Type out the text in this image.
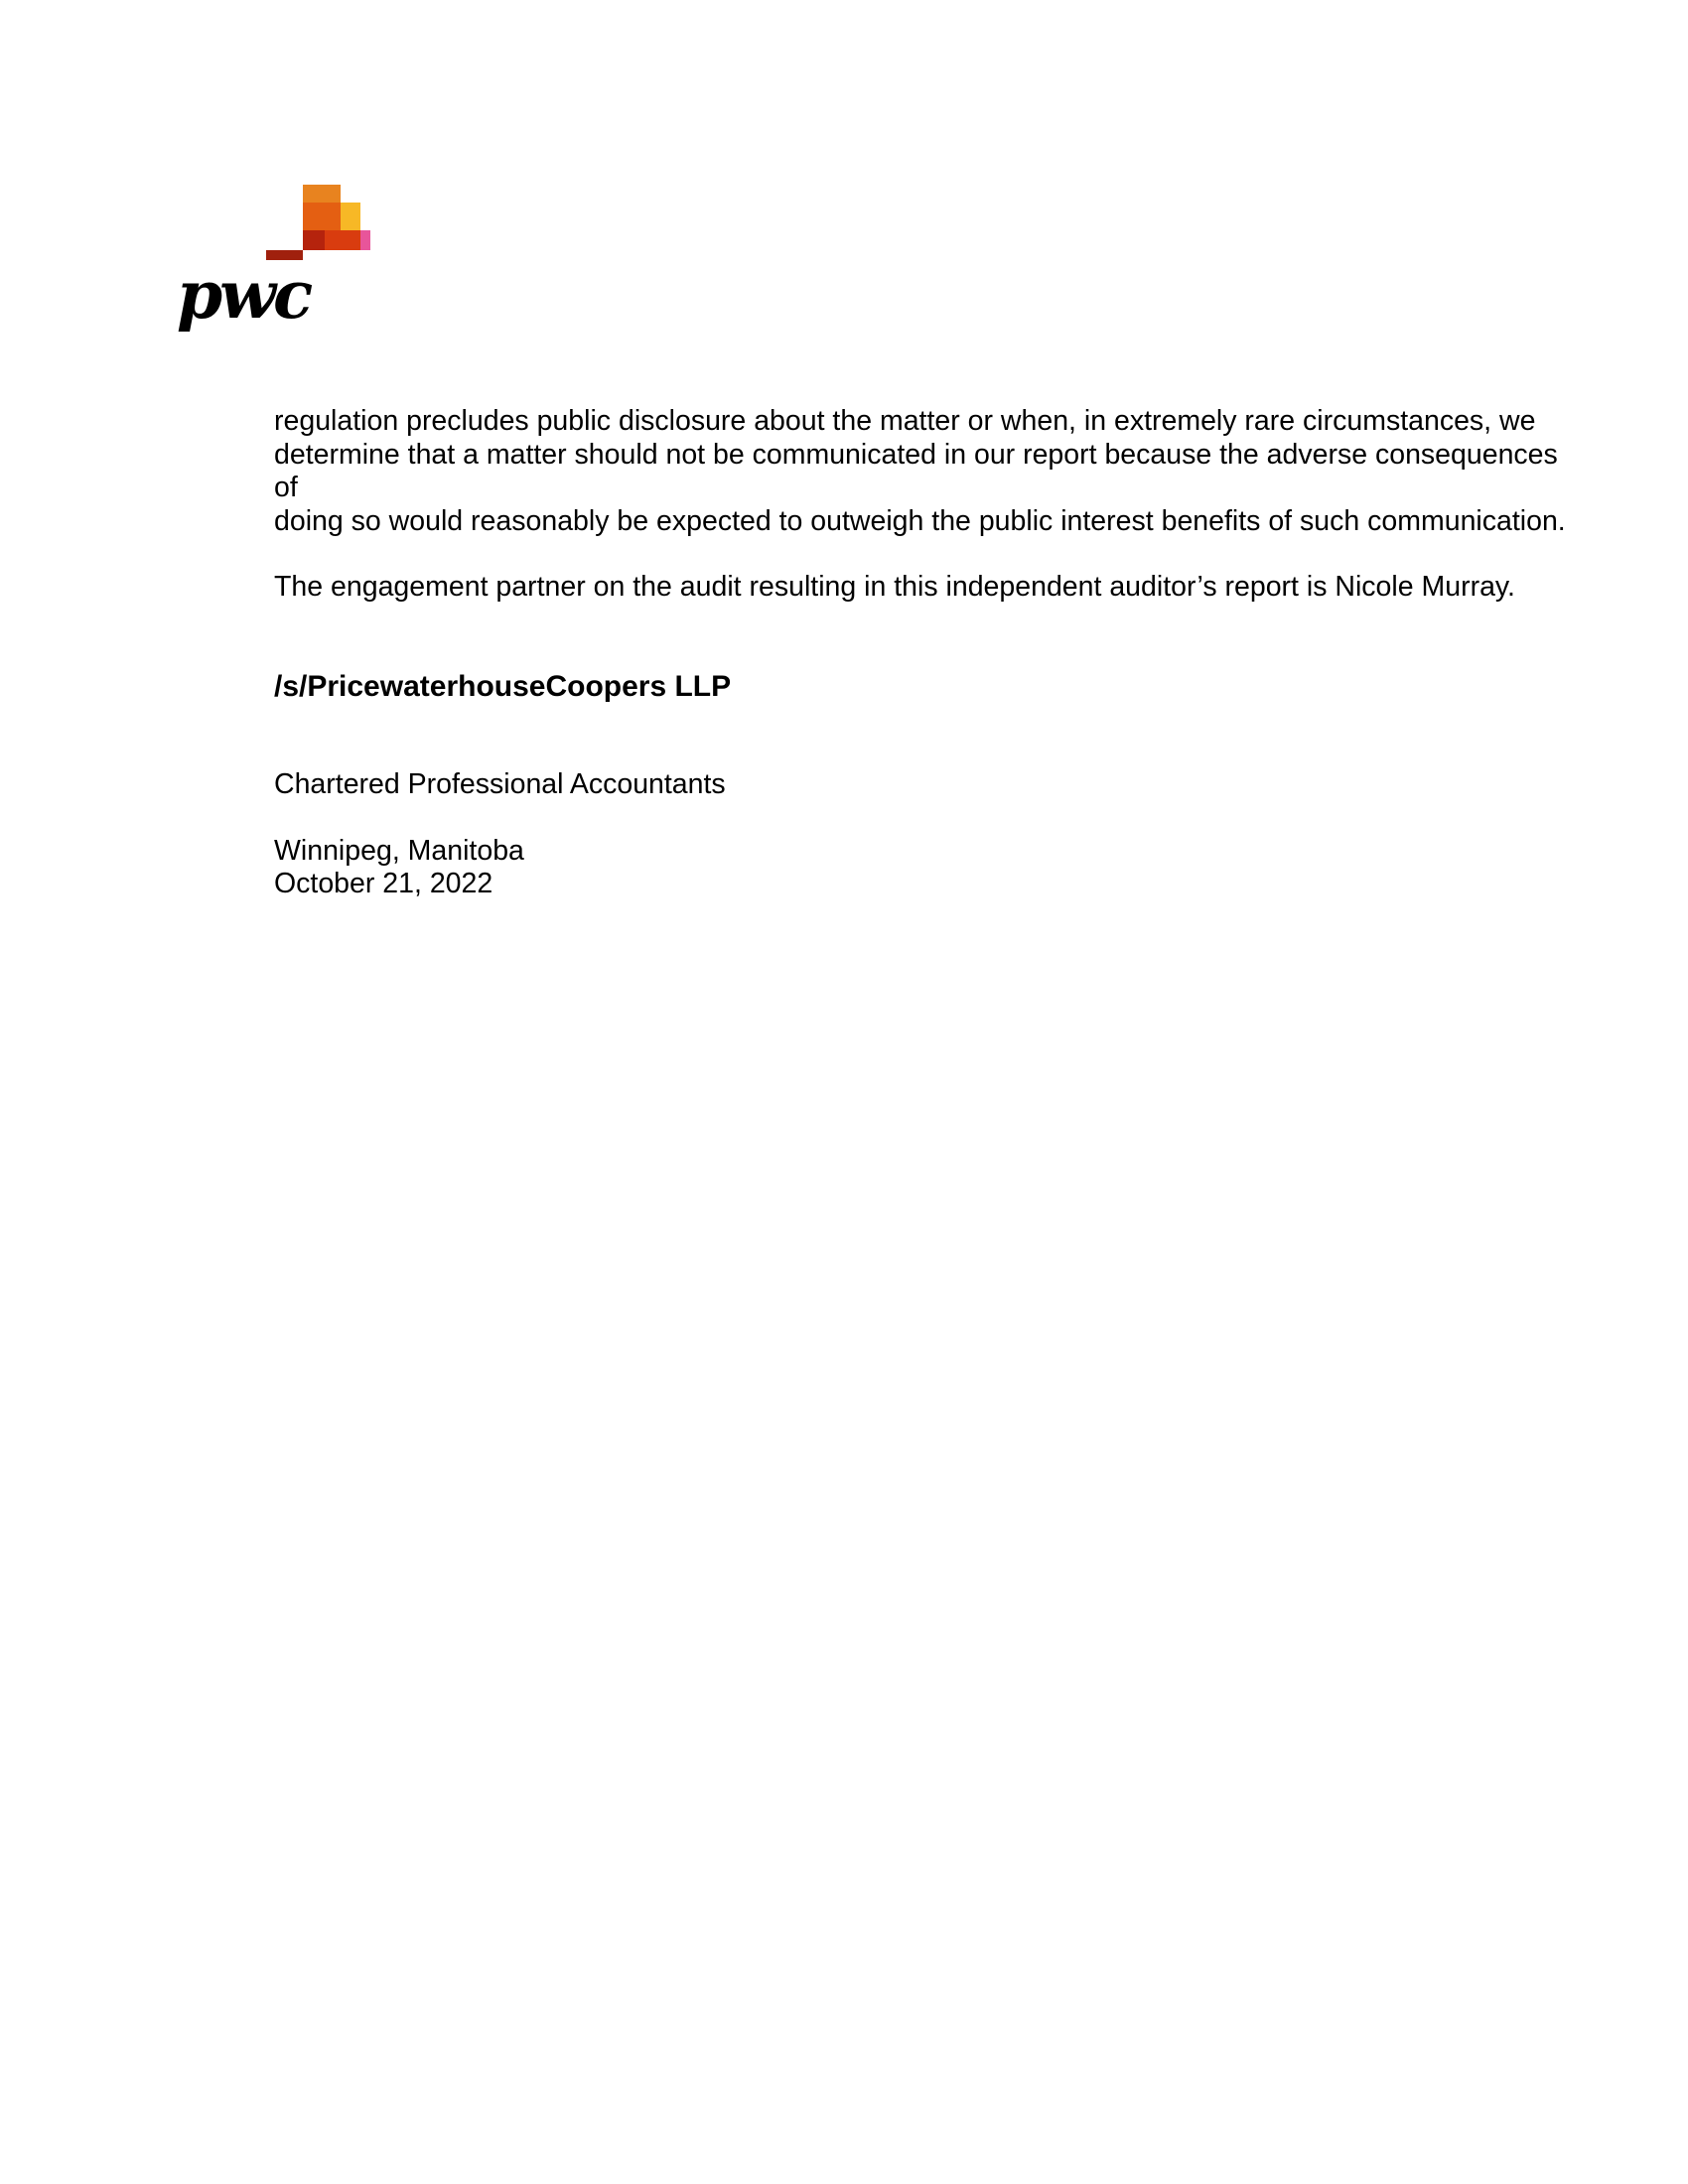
pwc

regulation precludes public disclosure about the matter or when, in extremely rare circumstances, we
determine that a matter should not be communicated in our report because the adverse consequences of
doing so would reasonably be expected to outweigh the public interest benefits of such communication.

The engagement partner on the audit resulting in this independent auditor’s report is Nicole Murray.

/s/PricewaterhouseCoopers LLP

Chartered Professional Accountants

Winnipeg, Manitoba

October 21, 2022
